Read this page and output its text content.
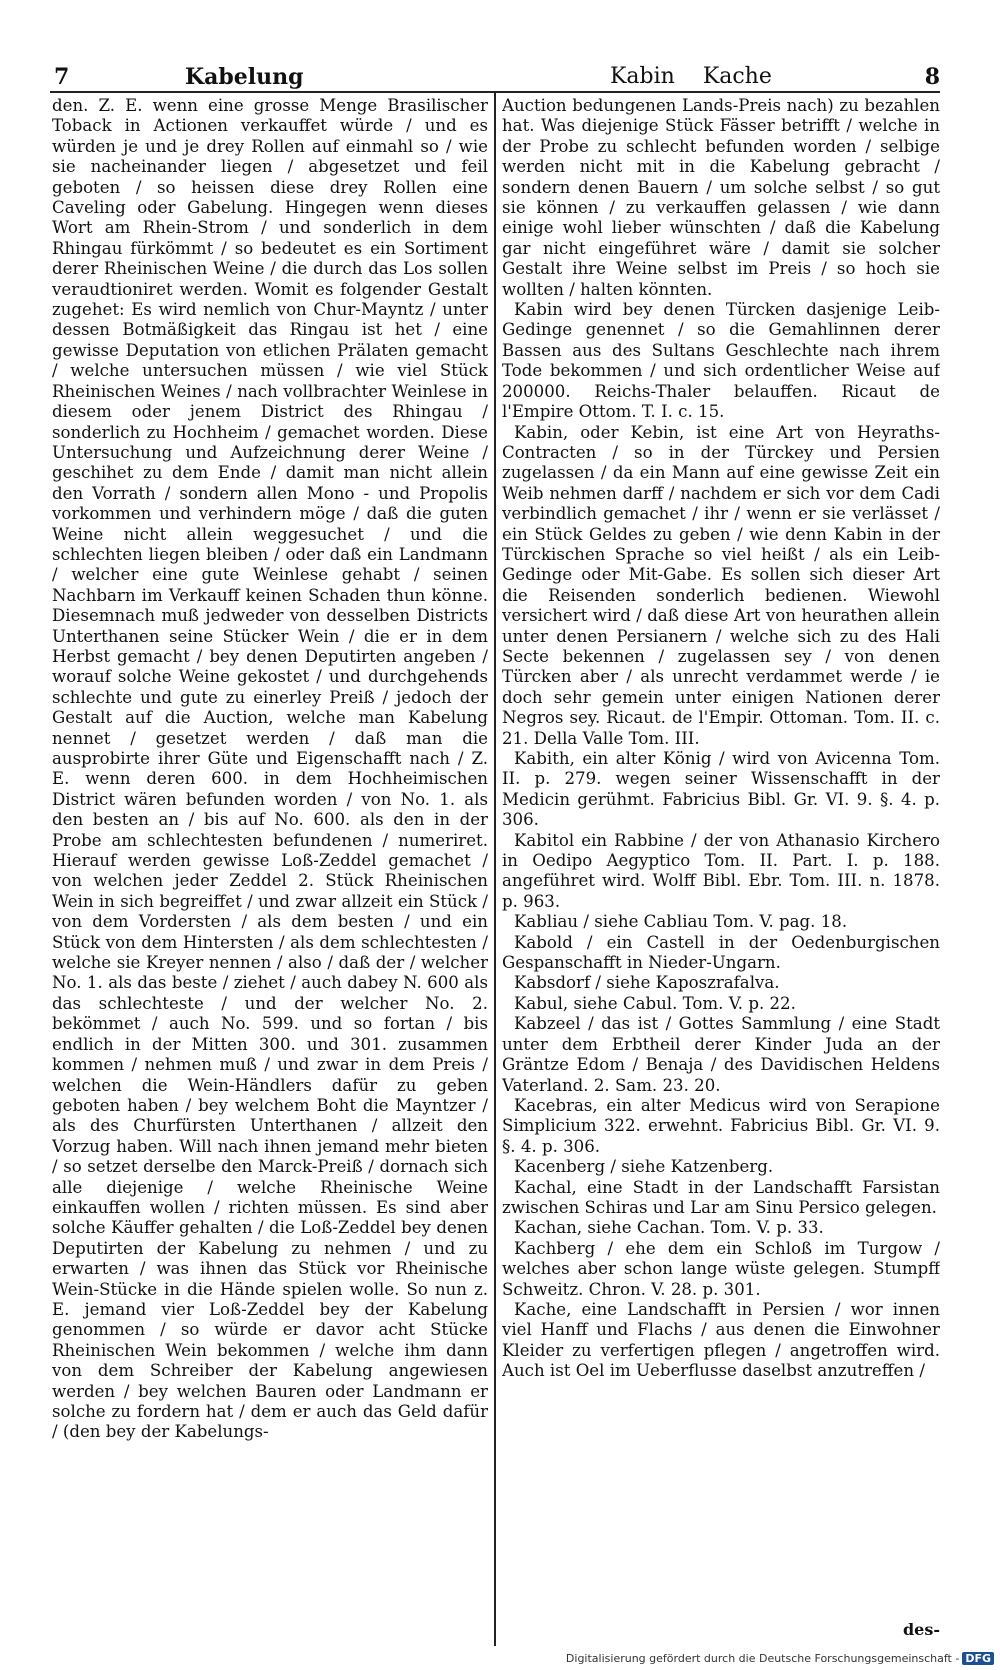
7	Kabelung	Kabin    Kache	8

den. Z. E. wenn eine grosse Menge Brasilischer Toback in Actionen verkauffet würde / und es würden je und je drey Rollen auf einmahl so / wie sie nacheinander liegen / abgesetzet und feil geboten / so heissen diese drey Rollen eine Caveling oder Gabelung. Hingegen wenn dieses Wort am Rhein-Strom / und sonderlich in dem Rhingau fürkömmt / so bedeutet es ein Sortiment derer Rheinischen Weine / die durch das Los sollen veraudtioniret werden. Womit es folgender Gestalt zugehet: Es wird nemlich von Chur-Mayntz / unter dessen Botmäßigkeit das Ringau ist het / eine gewisse Deputation von etlichen Prälaten gemacht / welche untersuchen müssen / wie viel Stück Rheinischen Weines / nach vollbrachter Weinlese in diesem oder jenem District des Rhingau / sonderlich zu Hochheim / gemachet worden. Diese Untersuchung und Aufzeichnung derer Weine / geschihet zu dem Ende / damit man nicht allein den Vorrath / sondern allen Mono - und Propolis vorkommen und verhindern möge / daß die guten Weine nicht allein weggesuchet / und die schlechten liegen bleiben / oder daß ein Landmann / welcher eine gute Weinlese gehabt / seinen Nachbarn im Verkauff keinen Schaden thun könne. Diesemnach muß jedweder von desselben Districts Unterthanen seine Stücker Wein / die er in dem Herbst gemacht / bey denen Deputirten angeben / worauf solche Weine gekostet / und durchgehends schlechte und gute zu einerley Preiß / jedoch der Gestalt auf die Auction, welche man Kabelung nennet / gesetzet werden / daß man die ausprobirte ihrer Güte und Eigenschafft nach / Z. E. wenn deren 600. in dem Hochheimischen District wären befunden worden / von No. 1. als den besten an / bis auf No. 600. als den in der Probe am schlechtesten befundenen / numeriret. Hierauf werden gewisse Loß-Zeddel gemachet / von welchen jeder Zeddel 2. Stück Rheinischen Wein in sich begreiffet / und zwar allzeit ein Stück / von dem Vordersten / als dem besten / und ein Stück von dem Hintersten / als dem schlechtesten / welche sie Kreyer nennen / also / daß der / welcher No. 1. als das beste / ziehet / auch dabey N. 600 als das schlechteste / und der welcher No. 2. bekömmet / auch No. 599. und so fortan / bis endlich in der Mitten 300. und 301. zusammen kommen / nehmen muß / und zwar in dem Preis / welchen die Wein-Händlers dafür zu geben geboten haben / bey welchem Boht die Mayntzer / als des Churfürsten Unterthanen / allzeit den Vorzug haben. Will nach ihnen jemand mehr bieten / so setzet derselbe den Marck-Preiß / dornach sich alle diejenige / welche Rheinische Weine einkauffen wollen / richten müssen. Es sind aber solche Käuffer gehalten / die Loß-Zeddel bey denen Deputirten der Kabelung zu nehmen / und zu erwarten / was ihnen das Stück vor Rheinische Wein-Stücke in die Hände spielen wolle. So nun z. E. jemand vier Loß-Zeddel bey der Kabelung genommen / so würde er davor acht Stücke Rheinischen Wein bekommen / welche ihm dann von dem Schreiber der Kabelung angewiesen werden / bey welchen Bauren oder Landmann er solche zu fordern hat / dem er auch das Geld dafür / (den bey der Kabelungs-

Auction bedungenen Lands-Preis nach) zu bezahlen hat. Was diejenige Stück Fässer betrifft / welche in der Probe zu schlecht befunden worden / selbige werden nicht mit in die Kabelung gebracht / sondern denen Bauern / um solche selbst / so gut sie können / zu verkauffen gelassen / wie dann einige wohl lieber wünschten / daß die Kabelung gar nicht eingeführet wäre / damit sie solcher Gestalt ihre Weine selbst im Preis / so hoch sie wollten / halten könnten.

Kabin wird bey denen Türcken dasjenige Leib-Gedinge genennet / so die Gemahlinnen derer Bassen aus des Sultans Geschlechte nach ihrem Tode bekommen / und sich ordentlicher Weise auf 200000. Reichs-Thaler belauffen. Ricaut de l'Empire Ottom. T. I. c. 15.

Kabin, oder Kebin, ist eine Art von Heyraths-Contracten / so in der Türckey und Persien zugelassen / da ein Mann auf eine gewisse Zeit ein Weib nehmen darff / nachdem er sich vor dem Cadi verbindlich gemachet / ihr / wenn er sie verlässet / ein Stück Geldes zu geben / wie denn Kabin in der Türckischen Sprache so viel heißt / als ein Leib-Gedinge oder Mit-Gabe. Es sollen sich dieser Art die Reisenden sonderlich bedienen. Wiewohl versichert wird / daß diese Art von heurathen allein unter denen Persianern / welche sich zu des Hali Secte bekennen / zugelassen sey / von denen Türcken aber / als unrecht verdammet werde / ie doch sehr gemein unter einigen Nationen derer Negros sey. Ricaut. de l'Empir. Ottoman. Tom. II. c. 21. Della Valle Tom. III.

Kabith, ein alter König / wird von Avicenna Tom. II. p. 279. wegen seiner Wissenschafft in der Medicin gerühmt. Fabricius Bibl. Gr. VI. 9. §. 4. p. 306.

Kabitol ein Rabbine / der von Athanasio Kirchero in Oedipo Aegyptico Tom. II. Part. I. p. 188. angeführet wird. Wolff Bibl. Ebr. Tom. III. n. 1878. p. 963.

Kabliau / siehe Cabliau Tom. V. pag. 18.

Kabold / ein Castell in der Oedenburgischen Gespanschafft in Nieder-Ungarn.

Kabsdorf / siehe Kaposzrafalva.

Kabul, siehe Cabul. Tom. V. p. 22.

Kabzeel / das ist / Gottes Sammlung / eine Stadt unter dem Erbtheil derer Kinder Juda an der Gräntze Edom / Benaja / des Davidischen Heldens Vaterland. 2. Sam. 23. 20.

Kacebras, ein alter Medicus wird von Serapione Simplicium 322. erwehnt. Fabricius Bibl. Gr. VI. 9. §. 4. p. 306.

Kacenberg / siehe Katzenberg.

Kachal, eine Stadt in der Landschafft Farsistan zwischen Schiras und Lar am Sinu Persico gelegen.

Kachan, siehe Cachan. Tom. V. p. 33.

Kachberg / ehe dem ein Schloß im Turgow / welches aber schon lange wüste gelegen. Stumpff Schweitz. Chron. V. 28. p. 301.

Kache, eine Landschafft in Persien / wor innen viel Hanff und Flachs / aus denen die Einwohner Kleider zu verfertigen pflegen / angetroffen wird. Auch ist Oel im Ueberflusse daselbst anzutreffen /

des-
Digitalisierung gefördert durch die Deutsche Forschungsgemeinschaft - DFG
